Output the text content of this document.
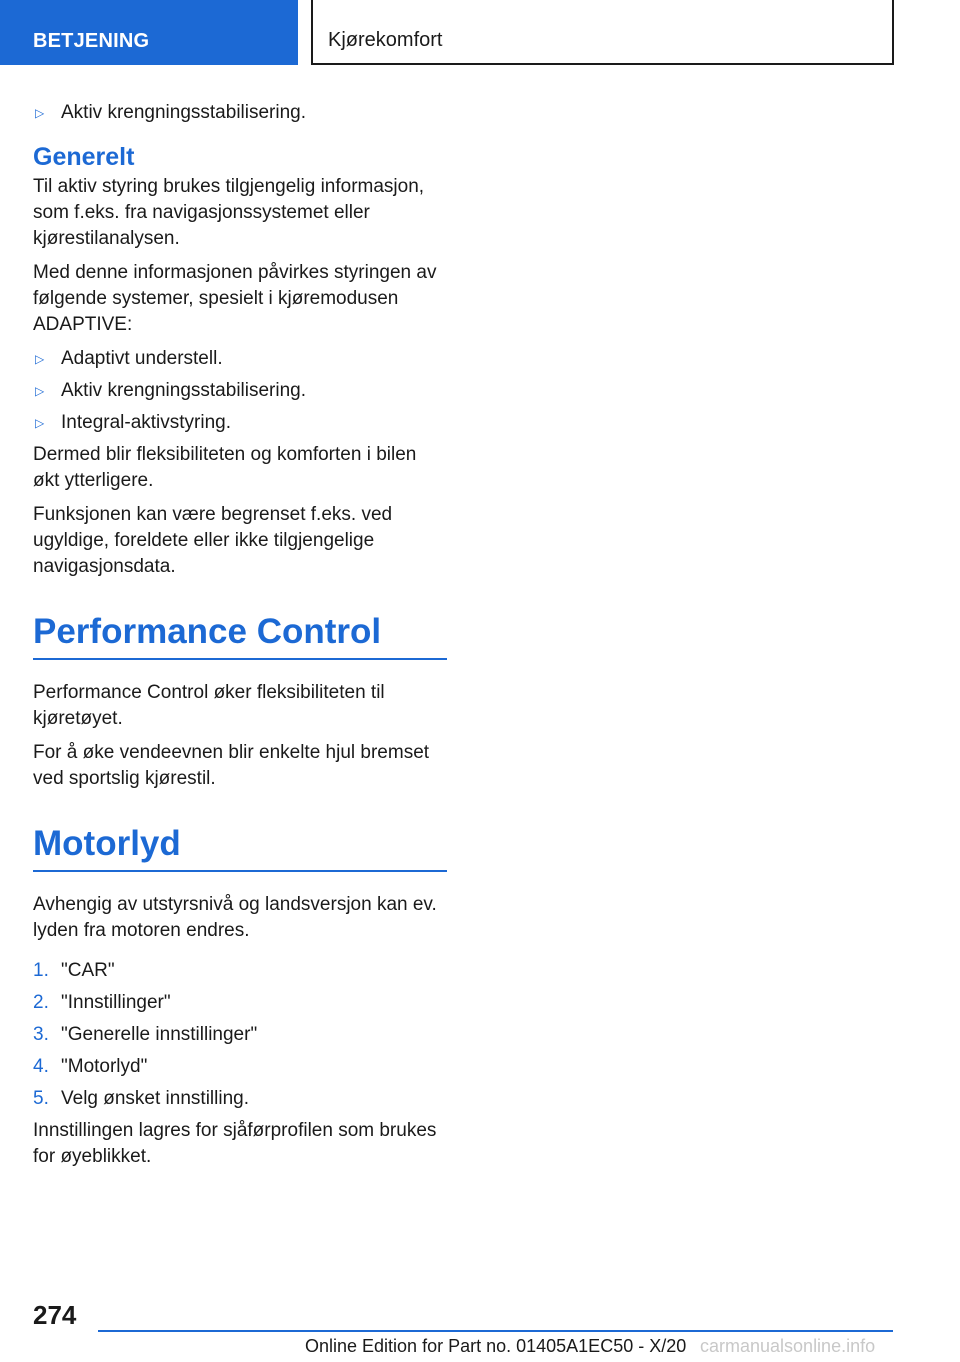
BETJENING	Kjørekomfort
▷ Aktiv krengningsstabilisering.
Generelt

Til aktiv styring brukes tilgjengelig informasjon, som f.eks. fra navigasjonssystemet eller kjørestilanalysen.

Med denne informasjonen påvirkes styringen av følgende systemer, spesielt i kjøremodusen ADAPTIVE:

▷ Adaptivt understell.
▷ Aktiv krengningsstabilisering.
▷ Integral-aktivstyring.

Dermed blir fleksibiliteten og komforten i bilen økt ytterligere.

Funksjonen kan være begrenset f.eks. ved ugyldige, foreldete eller ikke tilgjengelige navigasjonsdata.

Performance Control

Performance Control øker fleksibiliteten til kjøretøyet.

For å øke vendeevnen blir enkelte hjul bremset ved sportslig kjørestil.

Motorlyd

Avhengig av utstyrsnivå og landsversjon kan ev. lyden fra motoren endres.

1. "CAR"
2. "Innstillinger"
3. "Generelle innstillinger"
4. "Motorlyd"
5. Velg ønsket innstilling.

Innstillingen lagres for sjåførprofilen som brukes for øyeblikket.

274
Online Edition for Part no. 01405A1EC50 - X/20 carmanualsonline.info
